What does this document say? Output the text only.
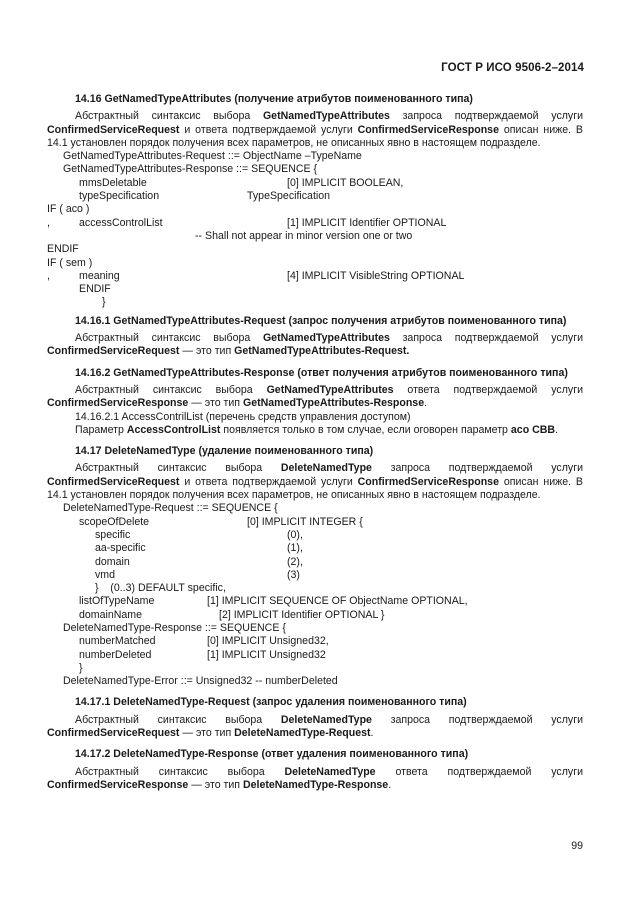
ГОСТ Р ИСО 9506-2–2014
14.16 GetNamedTypeAttributes (получение атрибутов поименованного типа)

Абстрактный синтаксис выбора GetNamedTypeAttributes запроса подтверждаемой услуги ConfirmedServiceRequest и ответа подтверждаемой услуги ConfirmedServiceResponse описан ниже. В 14.1 установлен порядок получения всех параметров, не описанных явно в настоящем подразделе.

GetNamedTypeAttributes-Request ::= ObjectName –TypeName
GetNamedTypeAttributes-Response ::= SEQUENCE {
mmsDeletable	[0] IMPLICIT BOOLEAN,
typeSpecification	TypeSpecification
IF ( aco )
,	accessControlList	[1] IMPLICIT Identifier OPTIONAL
-- Shall not appear in minor version one or two
ENDIF
IF ( sem )
,	meaning	[4] IMPLICIT VisibleString OPTIONAL
ENDIF
}

14.16.1 GetNamedTypeAttributes-Request (запрос получения атрибутов поименованного типа)

Абстрактный синтаксис выбора GetNamedTypeAttributes запроса подтверждаемой услуги ConfirmedServiceRequest — это тип GetNamedTypeAttributes-Request.

14.16.2 GetNamedTypeAttributes-Response (ответ получения атрибутов поименованного типа)

Абстрактный синтаксис выбора GetNamedTypeAttributes ответа подтверждаемой услуги ConfirmedServiceResponse — это тип GetNamedTypeAttributes-Response.

14.16.2.1 AccessContrilList (перечень средств управления доступом)

Параметр AccessControlList появляется только в том случае, если оговорен параметр aco CBB.

14.17 DeleteNamedType (удаление поименованного типа)

Абстрактный синтаксис выбора DeleteNamedType запроса подтверждаемой услуги ConfirmedServiceRequest и ответа подтверждаемой услуги ConfirmedServiceResponse описан ниже. В 14.1 установлен порядок получения всех параметров, не описанных явно в настоящем подразделе.

DeleteNamedType-Request ::= SEQUENCE {
scopeOfDelete	[0] IMPLICIT INTEGER {
specific	(0),
aa-specific	(1),
domain	(2),
vmd	(3)
}    (0..3) DEFAULT specific,
listOfTypeName	[1] IMPLICIT SEQUENCE OF ObjectName OPTIONAL,
domainName	[2] IMPLICIT Identifier OPTIONAL }
DeleteNamedType-Response ::= SEQUENCE {
numberMatched	[0] IMPLICIT Unsigned32,
numberDeleted	[1] IMPLICIT Unsigned32
}
DeleteNamedType-Error ::= Unsigned32 -- numberDeleted
14.17.1 DeleteNamedType-Request (запрос удаления поименованного типа)

Абстрактный синтаксис выбора DeleteNamedType запроса подтверждаемой услуги ConfirmedServiceRequest — это тип DeleteNamedType-Request.

14.17.2 DeleteNamedType-Response (ответ удаления поименованного типа)

Абстрактный синтаксис выбора DeleteNamedType ответа подтверждаемой услуги ConfirmedServiceResponse — это тип DeleteNamedType-Response.

99
